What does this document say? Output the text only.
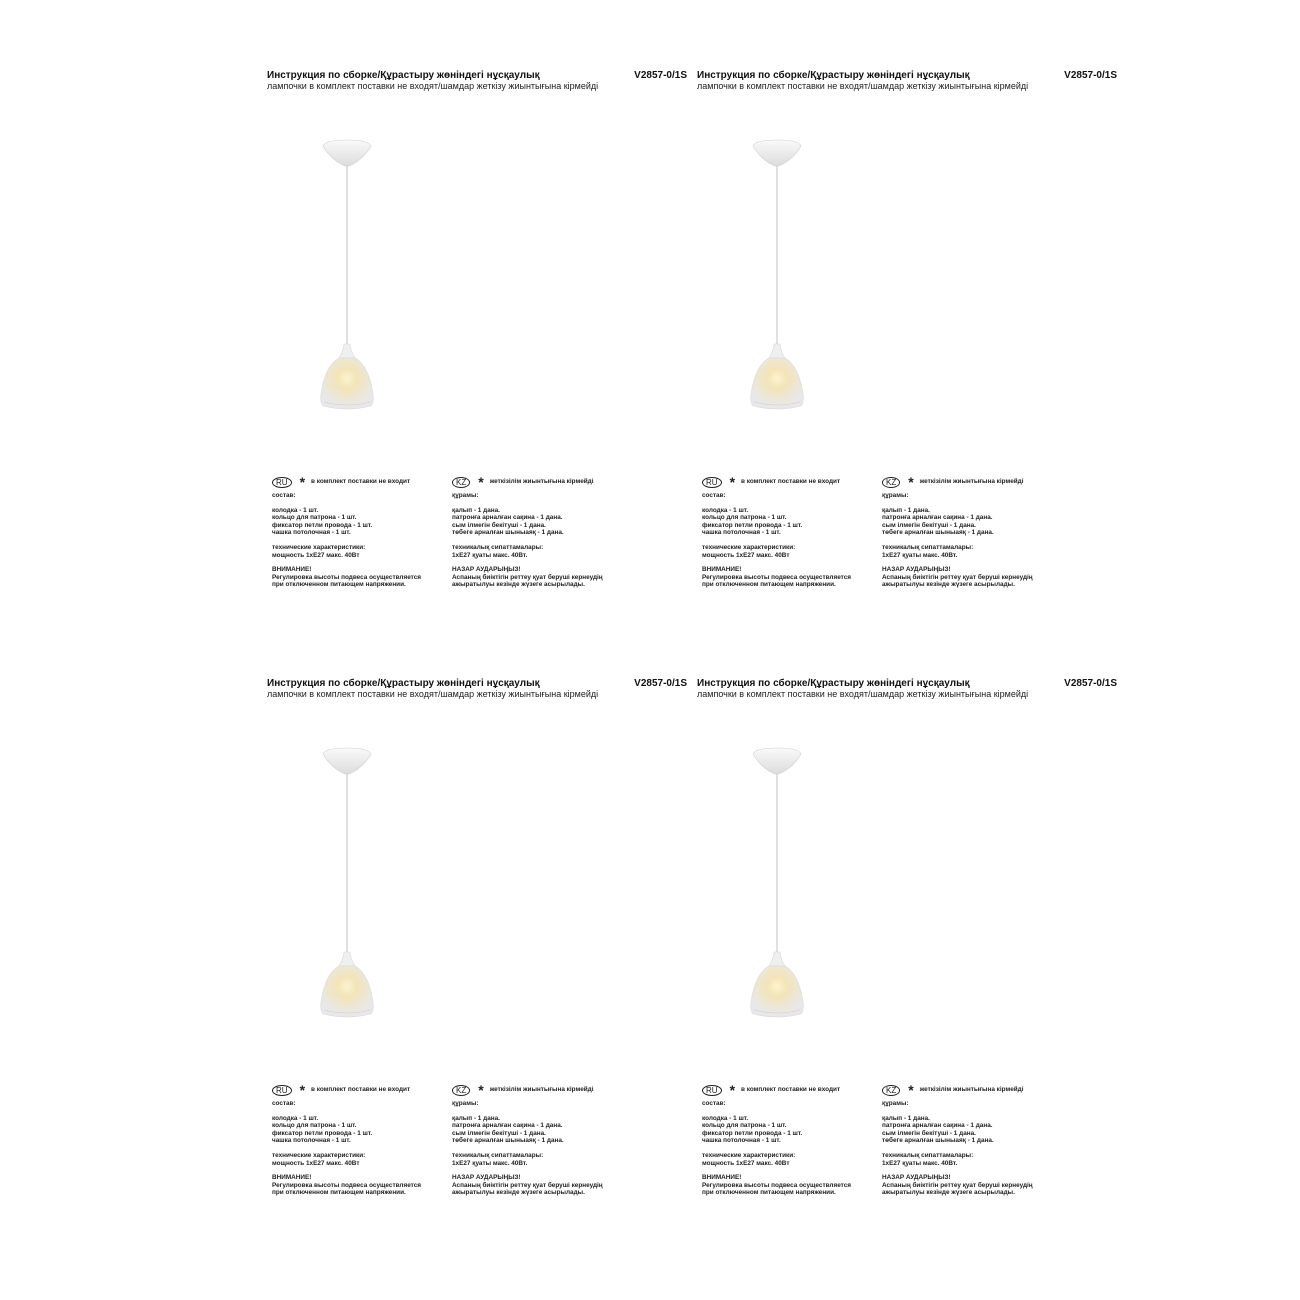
Инструкция по сборке/Құрастыру жөніндегі нұсқаулық	V2857-0/1S
лампочки в комплект поставки не входят/шамдар жеткізу жиынтығына кірмейді
RU * в комплект поставки не входит

состав:

колодка - 1 шт.
кольцо для патрона - 1 шт.
фиксатор петли провода - 1 шт.
чашка потолочная - 1 шт.

технические характеристики:
мощность 1хЕ27 макс. 40Вт

ВНИМАНИЕ!
Регулировка высоты подвеса осуществляется
при отключенном питающем напряжении.

KZ * жеткізілім жиынтығына кірмейді

құрамы:

қалып - 1 дана.
патронға арналған сақина - 1 дана.
сым ілмегін бекітуші - 1 дана.
төбеге арналған шыныаяқ - 1 дана.

техникалық сипаттамалары:
1хЕ27 қуаты макс. 40Вт.

НАЗАР АУДАРЫҢЫЗ!
Аспаның биіктігін реттеу қуат беруші кернеудің
ажыратылуы кезінде жүзеге асырылады.

Инструкция по сборке/Құрастыру жөніндегі нұсқаулық	V2857-0/1S
лампочки в комплект поставки не входят/шамдар жеткізу жиынтығына кірмейді
RU * в комплект поставки не входит

состав:

колодка - 1 шт.
кольцо для патрона - 1 шт.
фиксатор петли провода - 1 шт.
чашка потолочная - 1 шт.

технические характеристики:
мощность 1хЕ27 макс. 40Вт

ВНИМАНИЕ!
Регулировка высоты подвеса осуществляется
при отключенном питающем напряжении.

KZ * жеткізілім жиынтығына кірмейді

құрамы:

қалып - 1 дана.
патронға арналған сақина - 1 дана.
сым ілмегін бекітуші - 1 дана.
төбеге арналған шыныаяқ - 1 дана.

техникалық сипаттамалары:
1хЕ27 қуаты макс. 40Вт.

НАЗАР АУДАРЫҢЫЗ!
Аспаның биіктігін реттеу қуат беруші кернеудің
ажыратылуы кезінде жүзеге асырылады.

Инструкция по сборке/Құрастыру жөніндегі нұсқаулық	V2857-0/1S
лампочки в комплект поставки не входят/шамдар жеткізу жиынтығына кірмейді
RU * в комплект поставки не входит

состав:

колодка - 1 шт.
кольцо для патрона - 1 шт.
фиксатор петли провода - 1 шт.
чашка потолочная - 1 шт.

технические характеристики:
мощность 1хЕ27 макс. 40Вт

ВНИМАНИЕ!
Регулировка высоты подвеса осуществляется
при отключенном питающем напряжении.

KZ * жеткізілім жиынтығына кірмейді

құрамы:

қалып - 1 дана.
патронға арналған сақина - 1 дана.
сым ілмегін бекітуші - 1 дана.
төбеге арналған шыныаяқ - 1 дана.

техникалық сипаттамалары:
1хЕ27 қуаты макс. 40Вт.

НАЗАР АУДАРЫҢЫЗ!
Аспаның биіктігін реттеу қуат беруші кернеудің
ажыратылуы кезінде жүзеге асырылады.

Инструкция по сборке/Құрастыру жөніндегі нұсқаулық	V2857-0/1S
лампочки в комплект поставки не входят/шамдар жеткізу жиынтығына кірмейді
RU * в комплект поставки не входит

состав:

колодка - 1 шт.
кольцо для патрона - 1 шт.
фиксатор петли провода - 1 шт.
чашка потолочная - 1 шт.

технические характеристики:
мощность 1хЕ27 макс. 40Вт

ВНИМАНИЕ!
Регулировка высоты подвеса осуществляется
при отключенном питающем напряжении.

KZ * жеткізілім жиынтығына кірмейді

құрамы:

қалып - 1 дана.
патронға арналған сақина - 1 дана.
сым ілмегін бекітуші - 1 дана.
төбеге арналған шыныаяқ - 1 дана.

техникалық сипаттамалары:
1хЕ27 қуаты макс. 40Вт.

НАЗАР АУДАРЫҢЫЗ!
Аспаның биіктігін реттеу қуат беруші кернеудің
ажыратылуы кезінде жүзеге асырылады.
